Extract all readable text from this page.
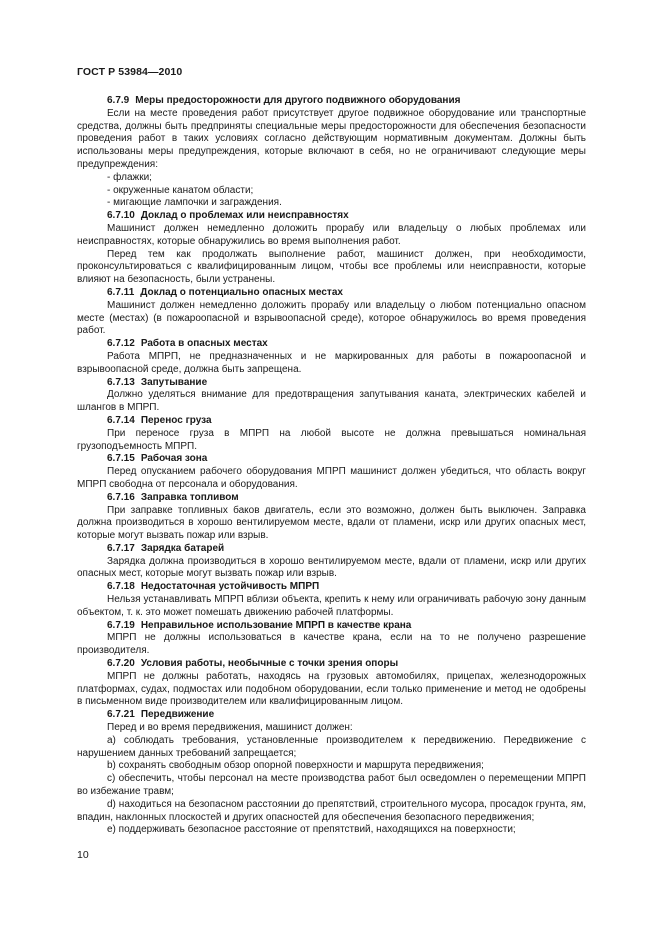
ГОСТ Р 53984—2010

6.7.9 Меры предосторожности для другого подвижного оборудования

Если на месте проведения работ присутствует другое подвижное оборудование или транспортные средства, должны быть предприняты специальные меры предосторожности для обеспечения безопасности проведения работ в таких условиях согласно действующим нормативным документам. Должны быть использованы меры предупреждения, которые включают в себя, но не ограничивают следующие меры предупреждения:

- флажки;

- окруженные канатом области;

- мигающие лампочки и заграждения.

6.7.10 Доклад о проблемах или неисправностях

Машинист должен немедленно доложить прорабу или владельцу о любых проблемах или неисправностях, которые обнаружились во время выполнения работ.

Перед тем как продолжать выполнение работ, машинист должен, при необходимости, проконсультироваться с квалифицированным лицом, чтобы все проблемы или неисправности, которые влияют на безопасность, были устранены.

6.7.11 Доклад о потенциально опасных местах

Машинист должен немедленно доложить прорабу или владельцу о любом потенциально опасном месте (местах) (в пожароопасной и взрывоопасной среде), которое обнаружилось во время проведения работ.

6.7.12 Работа в опасных местах

Работа МПРП, не предназначенных и не маркированных для работы в пожароопасной и взрывоопасной среде, должна быть запрещена.

6.7.13 Запутывание

Должно уделяться внимание для предотвращения запутывания каната, электрических кабелей и шлангов в МПРП.

6.7.14 Перенос груза

При переносе груза в МПРП на любой высоте не должна превышаться номинальная грузоподъемность МПРП.

6.7.15 Рабочая зона

Перед опусканием рабочего оборудования МПРП машинист должен убедиться, что область вокруг МПРП свободна от персонала и оборудования.

6.7.16 Заправка топливом

При заправке топливных баков двигатель, если это возможно, должен быть выключен. Заправка должна производиться в хорошо вентилируемом месте, вдали от пламени, искр или других опасных мест, которые могут вызвать пожар или взрыв.

6.7.17 Зарядка батарей

Зарядка должна производиться в хорошо вентилируемом месте, вдали от пламени, искр или других опасных мест, которые могут вызвать пожар или взрыв.

6.7.18 Недостаточная устойчивость МПРП

Нельзя устанавливать МПРП вблизи объекта, крепить к нему или ограничивать рабочую зону данным объектом, т. к. это может помешать движению рабочей платформы.

6.7.19 Неправильное использование МПРП в качестве крана

МПРП не должны использоваться в качестве крана, если на то не получено разрешение производителя.

6.7.20 Условия работы, необычные с точки зрения опоры

МПРП не должны работать, находясь на грузовых автомобилях, прицепах, железнодорожных платформах, судах, подмостах или подобном оборудовании, если только применение и метод не одобрены в письменном виде производителем или квалифицированным лицом.

6.7.21 Передвижение

Перед и во время передвижения, машинист должен:

a) соблюдать требования, установленные производителем к передвижению. Передвижение с нарушением данных требований запрещается;

b) сохранять свободным обзор опорной поверхности и маршрута передвижения;

c) обеспечить, чтобы персонал на месте производства работ был осведомлен о перемещении МПРП во избежание травм;

d) находиться на безопасном расстоянии до препятствий, строительного мусора, просадок грунта, ям, впадин, наклонных плоскостей и других опасностей для обеспечения безопасного передвижения;

e) поддерживать безопасное расстояние от препятствий, находящихся на поверхности;

10
